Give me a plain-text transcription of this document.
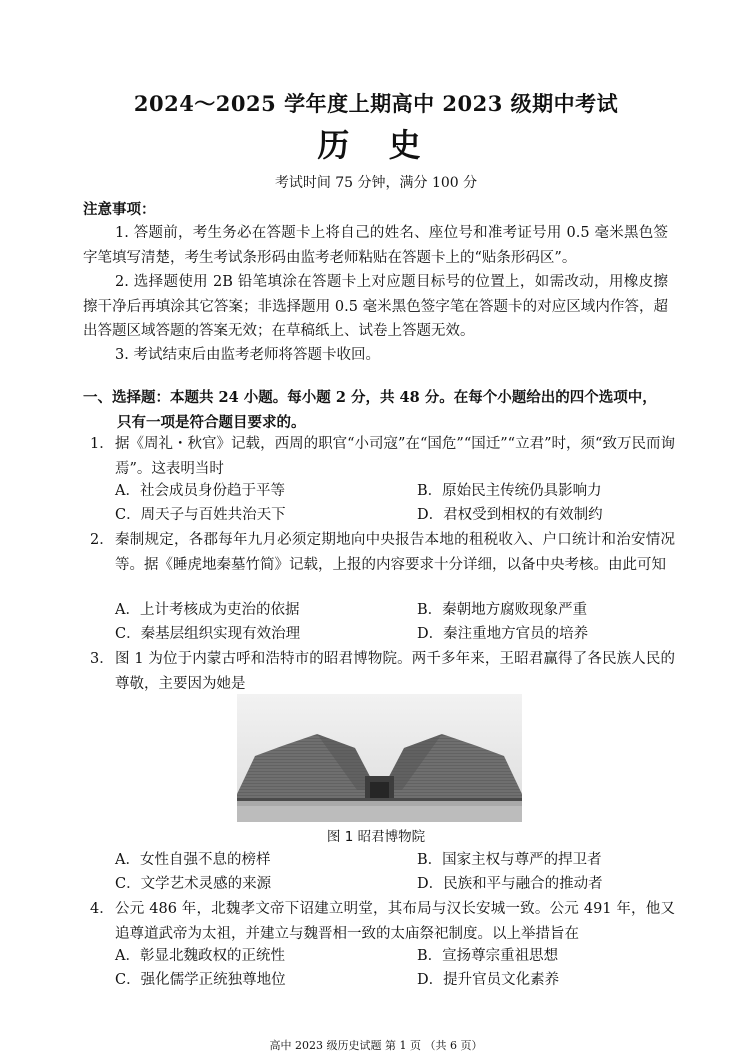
2024～2025 学年度上期高中 2023 级期中考试
历 史
考试时间 75 分钟，满分 100 分
注意事项：
1. 答题前，考生务必在答题卡上将自己的姓名、座位号和准考证号用 0.5 毫米黑色签字笔填写清楚，考生考试条形码由监考老师粘贴在答题卡上的“贴条形码区”。
2. 选择题使用 2B 铅笔填涂在答题卡上对应题目标号的位置上，如需改动，用橡皮擦擦干净后再填涂其它答案；非选择题用 0.5 毫米黑色签字笔在答题卡的对应区域内作答，超出答题区域答题的答案无效；在草稿纸上、试卷上答题无效。
3. 考试结束后由监考老师将答题卡收回。
一、选择题：本题共 24 小题。每小题 2 分，共 48 分。在每个小题给出的四个选项中，
只有一项是符合题目要求的。
1． 据《周礼・秋官》记载，西周的职官“小司寇”在“国危”“国迁”“立君”时，须“致万民而询焉”。这表明当时
A．社会成员身份趋于平等	B．原始民主传统仍具影响力
C．周天子与百姓共治天下	D．君权受到相权的有效制约
2． 秦制规定，各郡每年九月必须定期地向中央报告本地的租税收入、户口统计和治安情况等。据《睡虎地秦墓竹简》记载，上报的内容要求十分详细，以备中央考核。由此可知
A．上计考核成为吏治的依据	B．秦朝地方腐败现象严重
C．秦基层组织实现有效治理	D．秦注重地方官员的培养
3． 图 1 为位于内蒙古呼和浩特市的昭君博物院。两千多年来，王昭君赢得了各民族人民的尊敬，主要因为她是
图 1 昭君博物院
A．女性自强不息的榜样	B．国家主权与尊严的捍卫者
C．文学艺术灵感的来源	D．民族和平与融合的推动者
4． 公元 486 年，北魏孝文帝下诏建立明堂，其布局与汉长安城一致。公元 491 年，他又追尊道武帝为太祖，并建立与魏晋相一致的太庙祭祀制度。以上举措旨在
A．彰显北魏政权的正统性	B．宣扬尊宗重祖思想
C．强化儒学正统独尊地位	D．提升官员文化素养
高中 2023 级历史试题 第 1 页 （共 6 页）
